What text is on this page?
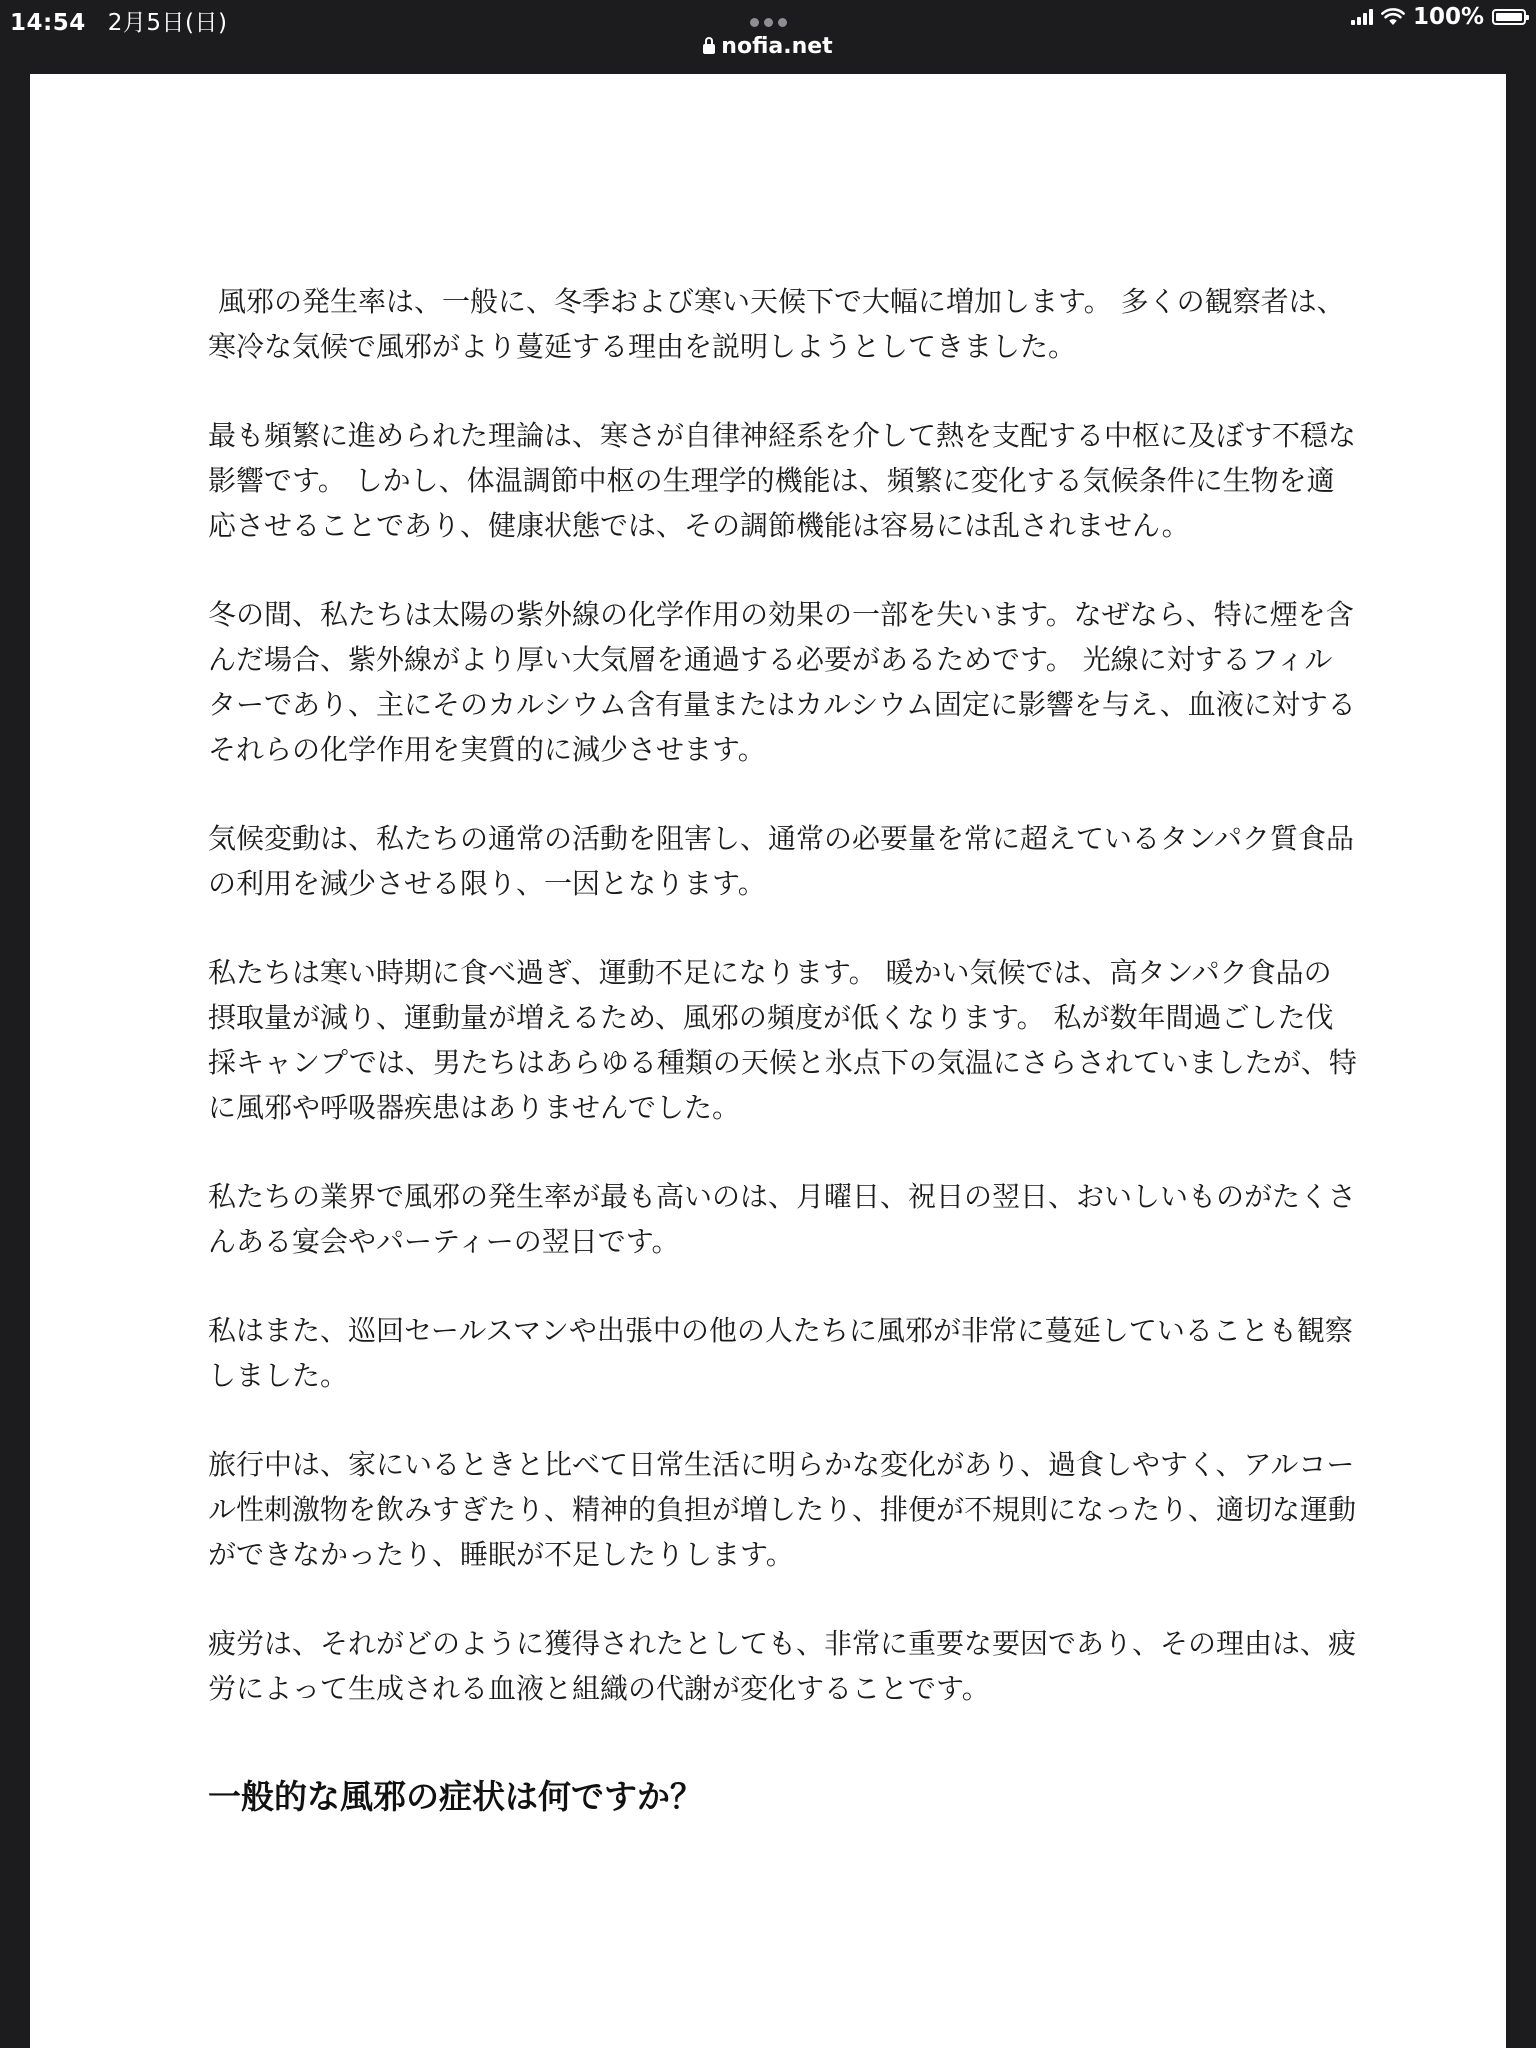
14:54 2月5日(日)
nofia.net
100%

風邪の発生率は、一般に、冬季および寒い天候下で大幅に増加します。 多くの観察者は、寒冷な気候で風邪がより蔓延する理由を説明しようとしてきました。

最も頻繁に進められた理論は、寒さが自律神経系を介して熱を支配する中枢に及ぼす不穏な影響です。 しかし、体温調節中枢の生理学的機能は、頻繁に変化する気候条件に生物を適応させることであり、健康状態では、その調節機能は容易には乱されません。

冬の間、私たちは太陽の紫外線の化学作用の効果の一部を失います。なぜなら、特に煙を含んだ場合、紫外線がより厚い大気層を通過する必要があるためです。 光線に対するフィルターであり、主にそのカルシウム含有量またはカルシウム固定に影響を与え、血液に対するそれらの化学作用を実質的に減少させます。

気候変動は、私たちの通常の活動を阻害し、通常の必要量を常に超えているタンパク質食品の利用を減少させる限り、一因となります。

私たちは寒い時期に食べ過ぎ、運動不足になります。 暖かい気候では、高タンパク食品の摂取量が減り、運動量が増えるため、風邪の頻度が低くなります。 私が数年間過ごした伐採キャンプでは、男たちはあらゆる種類の天候と氷点下の気温にさらされていましたが、特に風邪や呼吸器疾患はありませんでした。

私たちの業界で風邪の発生率が最も高いのは、月曜日、祝日の翌日、おいしいものがたくさんある宴会やパーティーの翌日です。

私はまた、巡回セールスマンや出張中の他の人たちに風邪が非常に蔓延していることも観察しました。

旅行中は、家にいるときと比べて日常生活に明らかな変化があり、過食しやすく、アルコール性刺激物を飲みすぎたり、精神的負担が増したり、排便が不規則になったり、適切な運動ができなかったり、睡眠が不足したりします。

疲労は、それがどのように獲得されたとしても、非常に重要な要因であり、その理由は、疲労によって生成される血液と組織の代謝が変化することです。

一般的な風邪の症状は何ですか？
